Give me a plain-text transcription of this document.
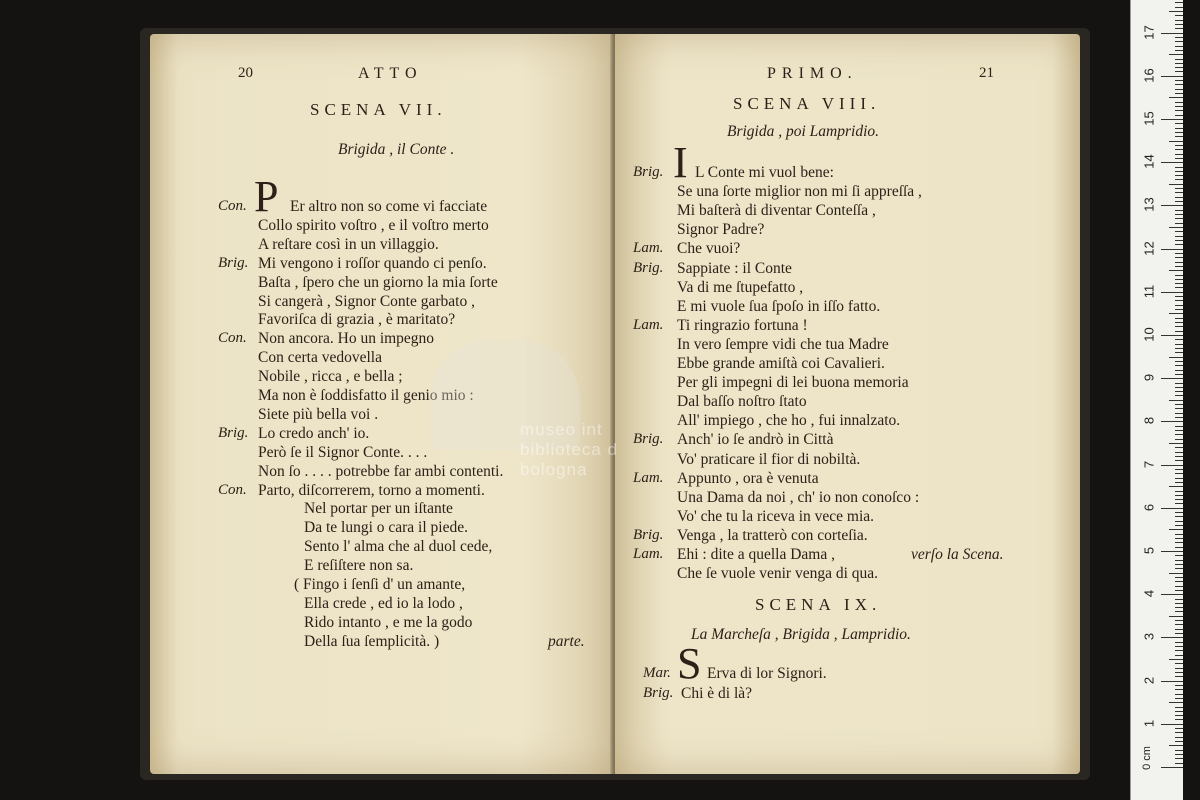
20	ATTO
SCENA VII.
Brigida , il Conte .
Con. P Er altro non so come vi facciate
Collo spirito voſtro , e il voſtro merto
A reſtare così in un villaggio.
Brig. Mi vengono i roſſor quando ci penſo.
Baſta , ſpero che un giorno la mia ſorte
Si cangerà , Signor Conte garbato ,
Favoriſca di grazia , è maritato?
Con. Non ancora. Ho un impegno
Con certa vedovella
Nobile , ricca , e bella ;
Ma non è ſoddisfatto il genio mio :
Siete più bella voi .
Brig. Lo credo anch' io.
Però ſe il Signor Conte. . . .
Non ſo . . . . potrebbe far ambi contenti.
Con. Parto, diſcorrerem, torno a momenti.
Nel portar per un iſtante
Da te lungi o cara il piede.
Sento l' alma che al duol cede,
E reſiſtere non sa.
( Fingo i ſenſi d' un amante,
Ella crede , ed io la lodo ,
Rido intanto , e me la godo
Della ſua ſemplicità. )	parte.
PRIMO.	21
SCENA VIII.
Brigida , poi Lampridio.
Brig. I L Conte mi vuol bene:
Se una ſorte miglior non mi ſi appreſſa ,
Mi baſterà di diventar Conteſſa ,
Signor Padre?
Lam. Che vuoi?
Brig. Sappiate : il Conte
Va di me ſtupefatto ,
E mi vuole ſua ſpoſo in iſſo fatto.
Lam. Ti ringrazio fortuna !
In vero ſempre vidi che tua Madre
Ebbe grande amiſtà coi Cavalieri.
Per gli impegni di lei buona memoria
Dal baſſo noſtro ſtato
All' impiego , che ho , fui innalzato.
Brig. Anch' io ſe andrò in Città
Vo' praticare il fior di nobiltà.
Lam. Appunto , ora è venuta
Una Dama da noi , ch' io non conoſco :
Vo' che tu la riceva in vece mia.
Brig. Venga , la tratterò con corteſia.
Lam. Ehi : dite a quella Dama ,	verſo la Scena.
Che ſe vuole venir venga di qua.
SCENA IX.
La Marcheſa , Brigida , Lampridio.
Mar. S Erva di lor Signori.
Brig. Chi è di là?
museo int
biblioteca d
bologna
1
2
3
4
5
6
7
8
9
10
11
12
13
14
15
16
17
0 cm
